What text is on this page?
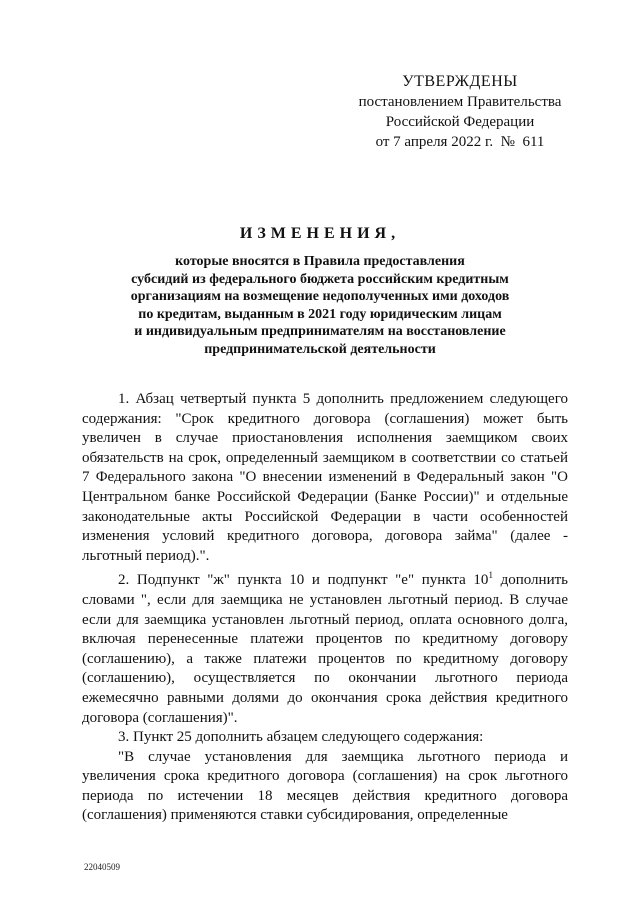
УТВЕРЖДЕНЫ
постановлением Правительства
Российской Федерации
от 7 апреля 2022 г.  №  611
ИЗМЕНЕНИЯ,
которые вносятся в Правила предоставления
субсидий из федерального бюджета российским кредитным
организациям на возмещение недополученных ими доходов
по кредитам, выданным в 2021 году юридическим лицам
и индивидуальным предпринимателям на восстановление
предпринимательской деятельности

1. Абзац четвертый пункта 5 дополнить предложением следующего содержания: "Срок кредитного договора (соглашения) может быть увеличен в случае приостановления исполнения заемщиком своих обязательств на срок, определенный заемщиком в соответствии со статьей 7 Федерального закона "О внесении изменений в Федеральный закон "О Центральном банке Российской Федерации (Банке России)" и отдельные законодательные акты Российской Федерации в части особенностей изменения условий кредитного договора, договора займа" (далее - льготный период).".

2. Подпункт "ж" пункта 10 и подпункт "е" пункта $10^1$ дополнить словами ", если для заемщика не установлен льготный период. В случае если для заемщика установлен льготный период, оплата основного долга, включая перенесенные платежи процентов по кредитному договору (соглашению), а также платежи процентов по кредитному договору (соглашению), осуществляется по окончании льготного периода ежемесячно равными долями до окончания срока действия кредитного договора (соглашения)".

3. Пункт 25 дополнить абзацем следующего содержания:

"В случае установления для заемщика льготного периода и увеличения срока кредитного договора (соглашения) на срок льготного периода по истечении 18 месяцев действия кредитного договора (соглашения) применяются ставки субсидирования, определенные

22040509
